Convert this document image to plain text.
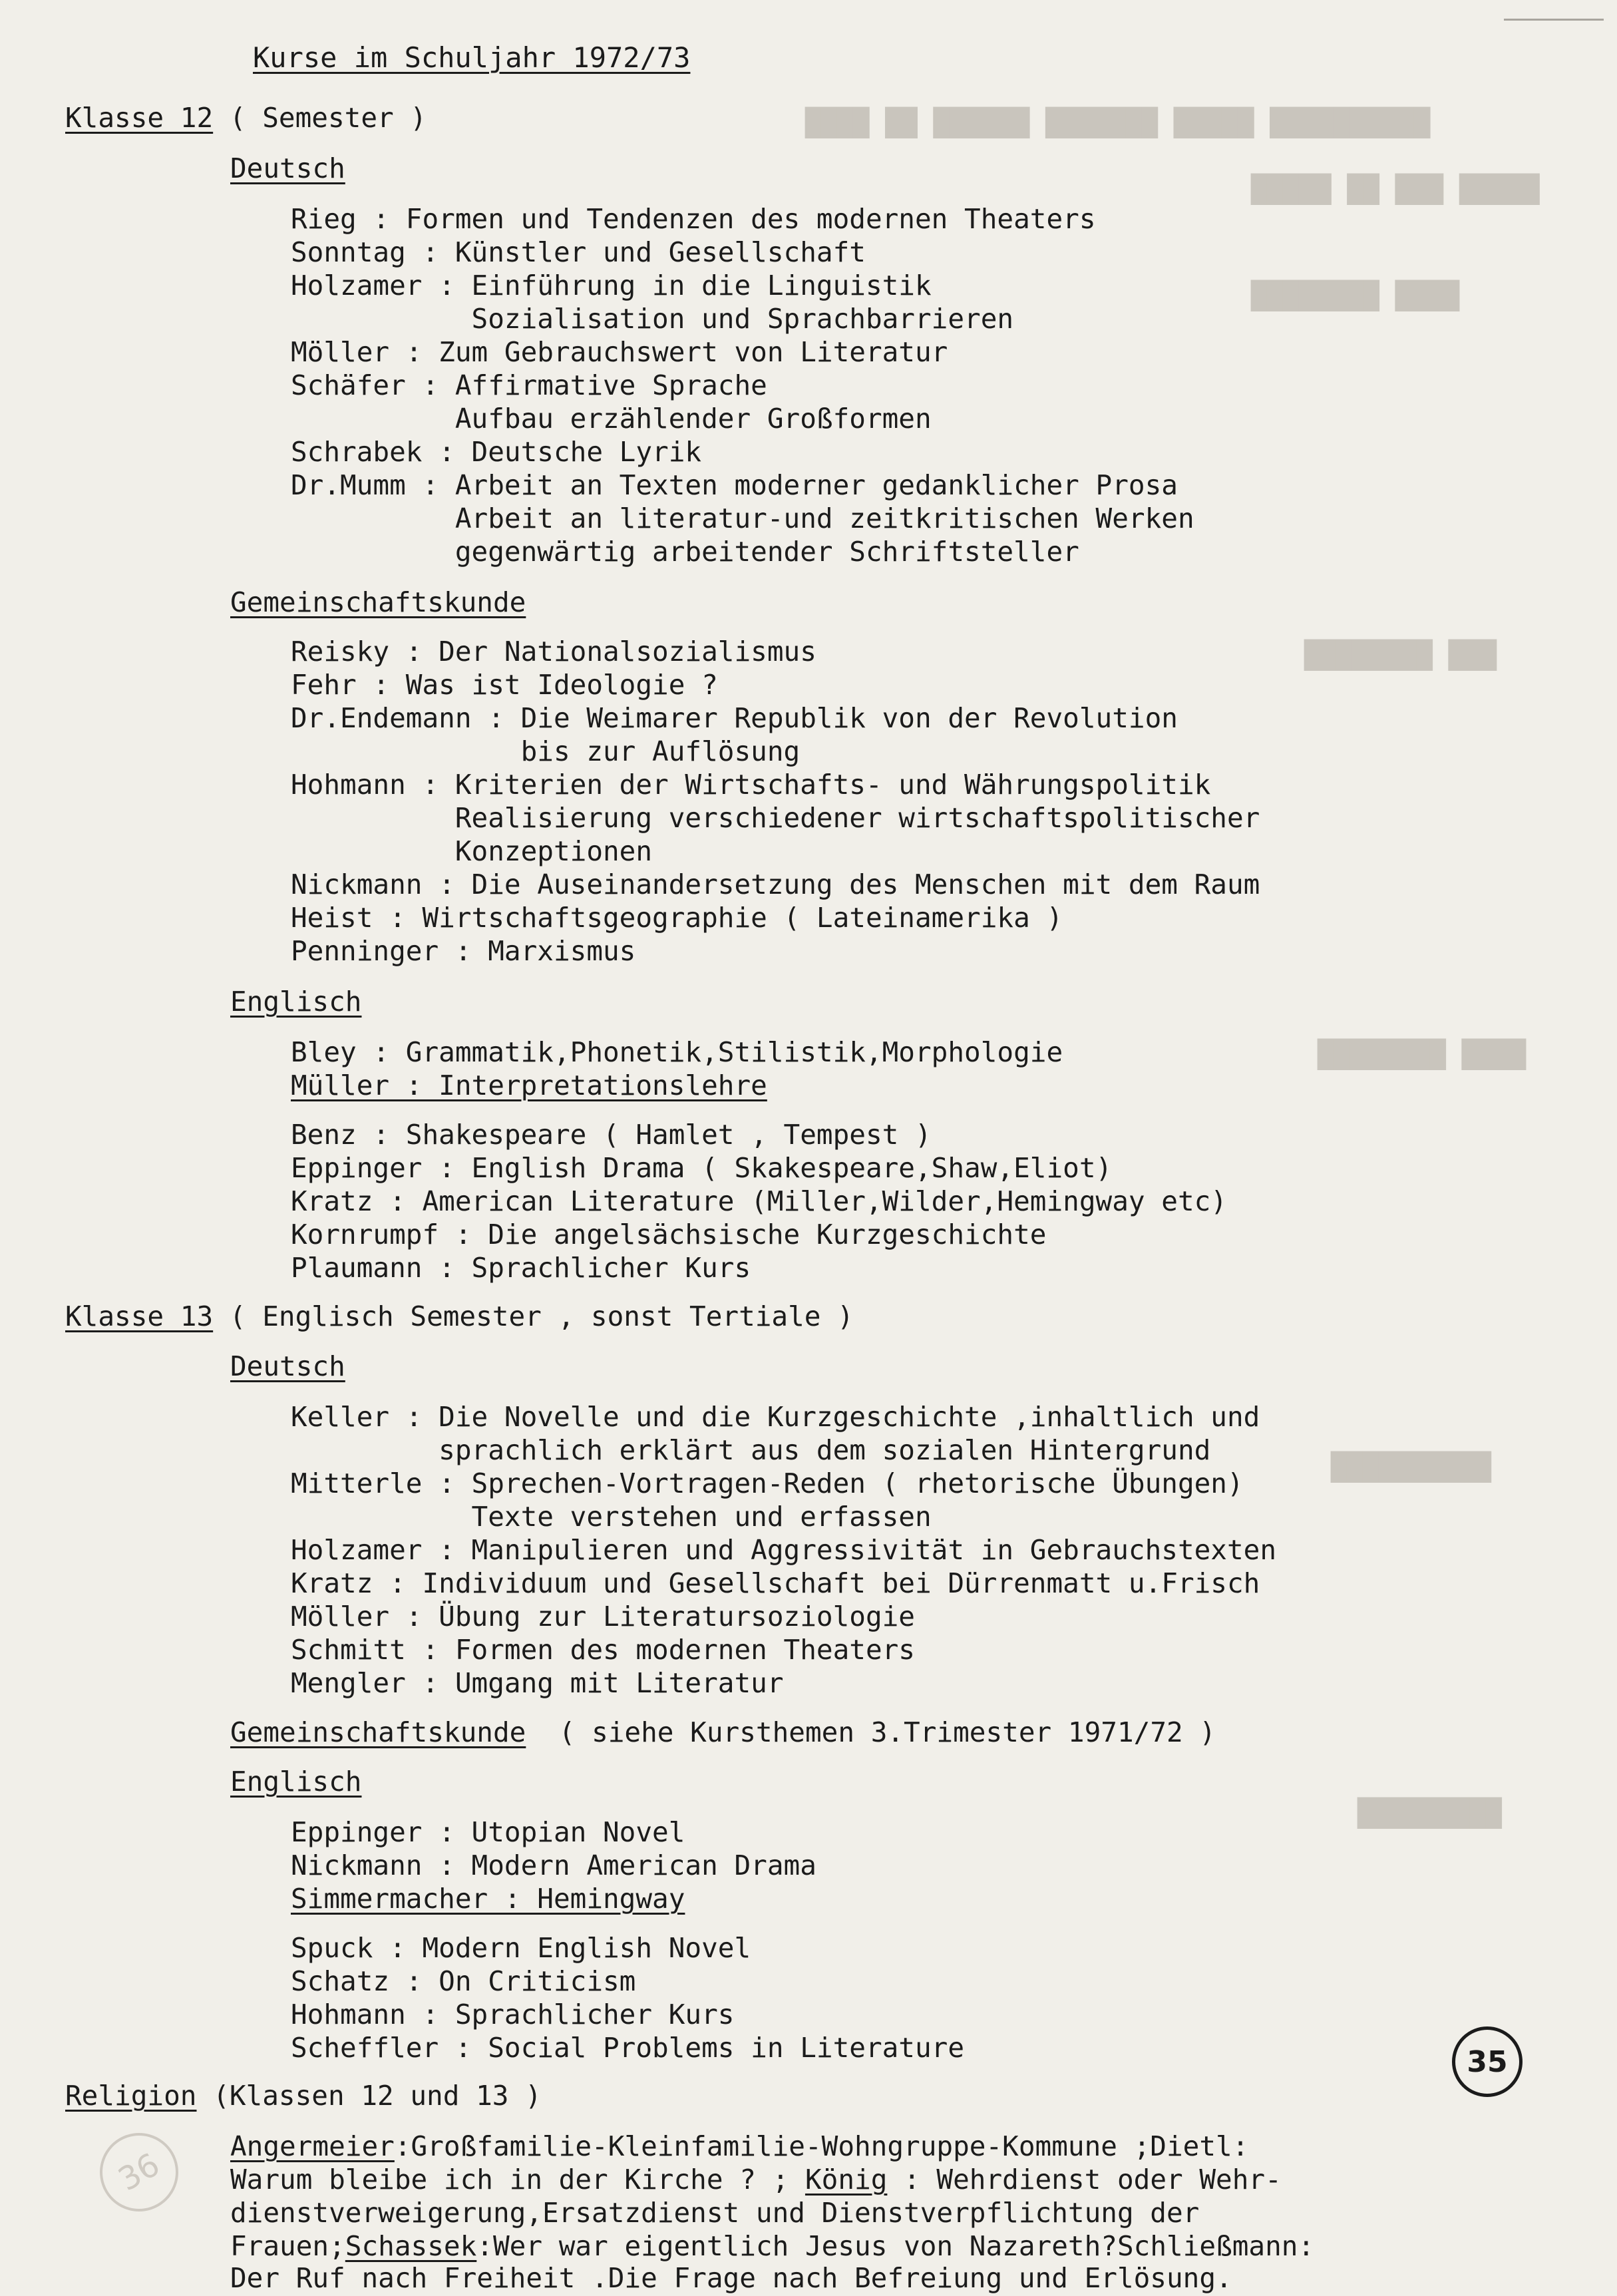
████ ██ ██████ ███████ █████ ██████████
█████ ██ ███ █████
████████ ████
████████ ███
████████ ████
██████████
█████████
Kurse im Schuljahr 1972/73
Klasse 12 ( Semester )
Deutsch
Rieg : Formen und Tendenzen des modernen Theaters
Sonntag : Künstler und Gesellschaft
Holzamer : Einführung in die Linguistik
Sozialisation und Sprachbarrieren
Möller : Zum Gebrauchswert von Literatur
Schäfer : Affirmative Sprache
Aufbau erzählender Großformen
Schrabek : Deutsche Lyrik
Dr.Mumm : Arbeit an Texten moderner gedanklicher Prosa
Arbeit an literatur-und zeitkritischen Werken
gegenwärtig arbeitender Schriftsteller
Gemeinschaftskunde
Reisky : Der Nationalsozialismus
Fehr : Was ist Ideologie ?
Dr.Endemann : Die Weimarer Republik von der Revolution
bis zur Auflösung
Hohmann : Kriterien der Wirtschafts- und Währungspolitik
Realisierung verschiedener wirtschaftspolitischer
Konzeptionen
Nickmann : Die Auseinandersetzung des Menschen mit dem Raum
Heist : Wirtschaftsgeographie ( Lateinamerika )
Penninger : Marxismus
Englisch
Bley : Grammatik,Phonetik,Stilistik,Morphologie
Müller : Interpretationslehre
Benz : Shakespeare ( Hamlet , Tempest )
Eppinger : English Drama ( Skakespeare,Shaw,Eliot)
Kratz : American Literature (Miller,Wilder,Hemingway etc)
Kornrumpf : Die angelsächsische Kurzgeschichte
Plaumann : Sprachlicher Kurs
Klasse 13 ( Englisch Semester , sonst Tertiale )
Deutsch
Keller : Die Novelle und die Kurzgeschichte ,inhaltlich und
sprachlich erklärt aus dem sozialen Hintergrund
Mitterle : Sprechen-Vortragen-Reden ( rhetorische Übungen)
Texte verstehen und erfassen
Holzamer : Manipulieren und Aggressivität in Gebrauchstexten
Kratz : Individuum und Gesellschaft bei Dürrenmatt u.Frisch
Möller : Übung zur Literatursoziologie
Schmitt : Formen des modernen Theaters
Mengler : Umgang mit Literatur
Gemeinschaftskunde  ( siehe Kursthemen 3.Trimester 1971/72 )
Englisch
Eppinger : Utopian Novel
Nickmann : Modern American Drama
Simmermacher : Hemingway
Spuck : Modern English Novel
Schatz : On Criticism
Hohmann : Sprachlicher Kurs
Scheffler : Social Problems in Literature	35
Religion (Klassen 12 und 13 )
36	Angermeier:Großfamilie-Kleinfamilie-Wohngruppe-Kommune ;Dietl:
Warum bleibe ich in der Kirche ? ; König : Wehrdienst oder Wehr-
dienstverweigerung,Ersatzdienst und Dienstverpflichtung der
Frauen;Schassek:Wer war eigentlich Jesus von Nazareth?Schließmann:
Der Ruf nach Freiheit .Die Frage nach Befreiung und Erlösung.
